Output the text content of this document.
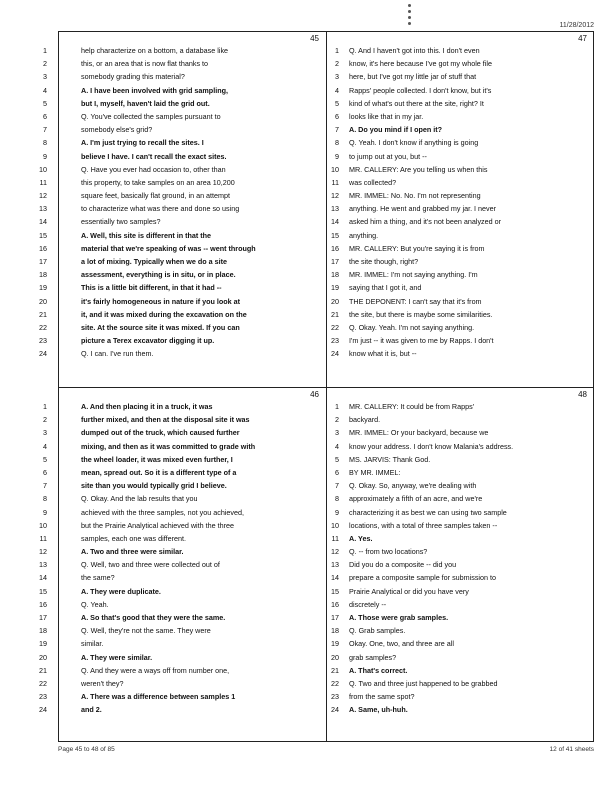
11/28/2012
45
1	help characterize on a bottom, a database like
2	this, or an area that is now flat thanks to
3	somebody grading this material?
4	A. I have been involved with grid sampling,
5	but I, myself, haven't laid the grid out.
6	Q. You've collected the samples pursuant to
7	somebody else's grid?
8	A. I'm just trying to recall the sites. I
9	believe I have. I can't recall the exact sites.
10	Q. Have you ever had occasion to, other than
11	this property, to take samples on an area 10,200
12	square feet, basically flat ground, in an attempt
13	to characterize what was there and done so using
14	essentially two samples?
15	A. Well, this site is different in that the
16	material that we're speaking of was -- went through
17	a lot of mixing. Typically when we do a site
18	assessment, everything is in situ, or in place.
19	This is a little bit different, in that it had --
20	it's fairly homogeneous in nature if you look at
21	it, and it was mixed during the excavation on the
22	site. At the source site it was mixed. If you can
23	picture a Terex excavator digging it up.
24	Q. I can. I've run them.
47
1 Q. And I haven't got into this. I don't even
2 know, it's here because I've got my whole file
3 here, but I've got my little jar of stuff that
4 Rapps' people collected. I don't know, but it's
5 kind of what's out there at the site, right? It
6 looks like that in my jar.
7 A. Do you mind if I open it?
8 Q. Yeah. I don't know if anything is going
9 to jump out at you, but --
10 MR. CALLERY: Are you telling us when this
11 was collected?
12 MR. IMMEL: No. No. I'm not representing
13 anything. He went and grabbed my jar. I never
14 asked him a thing, and it's not been analyzed or
15 anything.
16 MR. CALLERY: But you're saying it is from
17 the site though, right?
18 MR. IMMEL: I'm not saying anything. I'm
19 saying that I got it, and
20 THE DEPONENT: I can't say that it's from
21 the site, but there is maybe some similarities.
22 Q. Okay. Yeah. I'm not saying anything.
23 I'm just -- it was given to me by Rapps. I don't
24 know what it is, but --
46
1	A. And then placing it in a truck, it was
2	further mixed, and then at the disposal site it was
3	dumped out of the truck, which caused further
4	mixing, and then as it was committed to grade with
5	the wheel loader, it was mixed even further, I
6	mean, spread out. So it is a different type of a
7	site than you would typically grid I believe.
8	Q. Okay. And the lab results that you
9	achieved with the three samples, not you achieved,
10	but the Prairie Analytical achieved with the three
11	samples, each one was different.
12	A. Two and three were similar.
13	Q. Well, two and three were collected out of
14	the same?
15	A. They were duplicate.
16	Q. Yeah.
17	A. So that's good that they were the same.
18	Q. Well, they're not the same. They were
19	similar.
20	A. They were similar.
21	Q. And they were a ways off from number one,
22	weren't they?
23	A. There was a difference between samples 1
24	and 2.
48
1 MR. CALLERY: It could be from Rapps'
2 backyard.
3 MR. IMMEL: Or your backyard, because we
4 know your address. I don't know Malania's address.
5 MS. JARVIS: Thank God.
6 BY MR. IMMEL:
7 Q. Okay. So, anyway, we're dealing with
8 approximately a fifth of an acre, and we're
9 characterizing it as best we can using two sample
10 locations, with a total of three samples taken --
11 A. Yes.
12 Q. -- from two locations?
13 Did you do a composite -- did you
14 prepare a composite sample for submission to
15 Prairie Analytical or did you have very
16 discretely --
17 A. Those were grab samples.
18 Q. Grab samples.
19 Okay. One, two, and three are all
20 grab samples?
21 A. That's correct.
22 Q. Two and three just happened to be grabbed
23 from the same spot?
24 A. Same, uh-huh.
Page 45 to 48 of 85	12 of 41 sheets
